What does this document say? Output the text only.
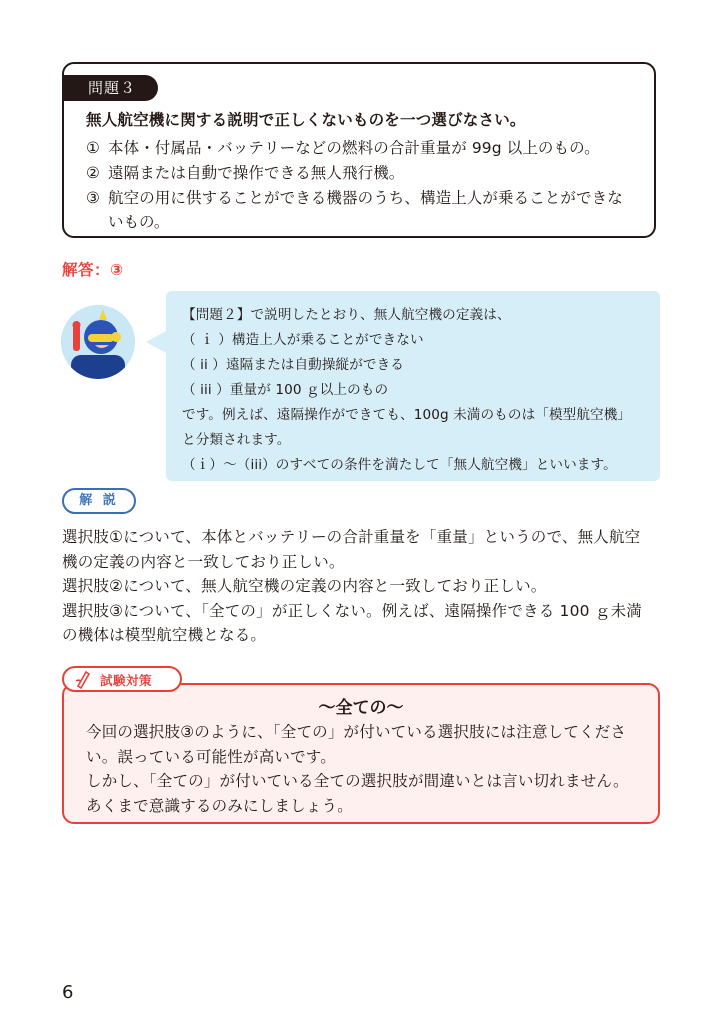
問題３
無人航空機に関する説明で正しくないものを一つ選びなさい。
① 本体・付属品・バッテリーなどの燃料の合計重量が 99g 以上のもの。
② 遠隔または自動で操作できる無人飛行機。
③ 航空の用に供することができる機器のうち、構造上人が乗ることができな
いもの。
解答：③
【問題２】で説明したとおり、無人航空機の定義は、
（ ｉ ）構造上人が乗ることができない
（ ii ）遠隔または自動操縦ができる
（ iii ）重量が 100 ｇ以上のもの
です。例えば、遠隔操作ができても、100g 未満のものは「模型航空機」
と分類されます。
（ｉ）～（iii）のすべての条件を満たして「無人航空機」といいます。
解 説
選択肢①について、本体とバッテリーの合計重量を「重量」というので、無人航空
機の定義の内容と一致しており正しい。
選択肢②について、無人航空機の定義の内容と一致しており正しい。
選択肢③について、「全ての」が正しくない。例えば、遠隔操作できる 100 ｇ未満
の機体は模型航空機となる。
試験対策
～全ての～
今回の選択肢③のように、「全ての」が付いている選択肢には注意してくださ
い。誤っている可能性が高いです。
しかし、「全ての」が付いている全ての選択肢が間違いとは言い切れません。
あくまで意識するのみにしましょう。
6
